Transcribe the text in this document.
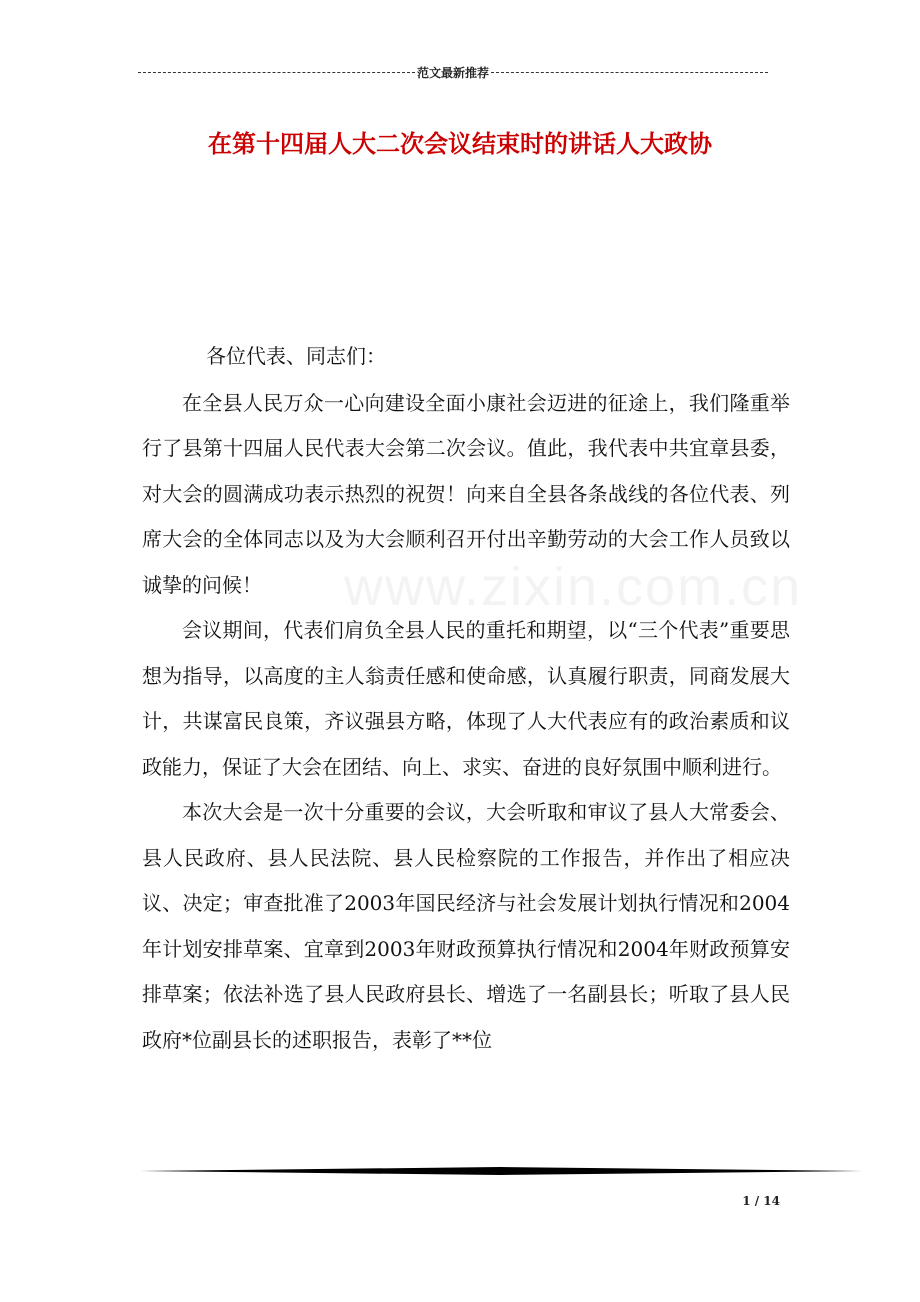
范文最新推荐
在第十四届人大二次会议结束时的讲话人大政协
www.zixin.com.cn

各位代表、同志们：

在全县人民万众一心向建设全面小康社会迈进的征途上，我们隆重举行了县第十四届人民代表大会第二次会议。值此，我代表中共宜章县委，对大会的圆满成功表示热烈的祝贺！向来自全县各条战线的各位代表、列席大会的全体同志以及为大会顺利召开付出辛勤劳动的大会工作人员致以诚挚的问候！

会议期间，代表们肩负全县人民的重托和期望，以“三个代表”重要思想为指导，以高度的主人翁责任感和使命感，认真履行职责，同商发展大计，共谋富民良策，齐议强县方略，体现了人大代表应有的政治素质和议政能力，保证了大会在团结、向上、求实、奋进的良好氛围中顺利进行。

本次大会是一次十分重要的会议，大会听取和审议了县人大常委会、县人民政府、县人民法院、县人民检察院的工作报告，并作出了相应决议、决定；审查批准了2003年国民经济与社会发展计划执行情况和2004年计划安排草案、宜章到2003年财政预算执行情况和2004年财政预算安排草案；依法补选了县人民政府县长、增选了一名副县长；听取了县人民政府*位副县长的述职报告，表彰了**位

1 / 14
